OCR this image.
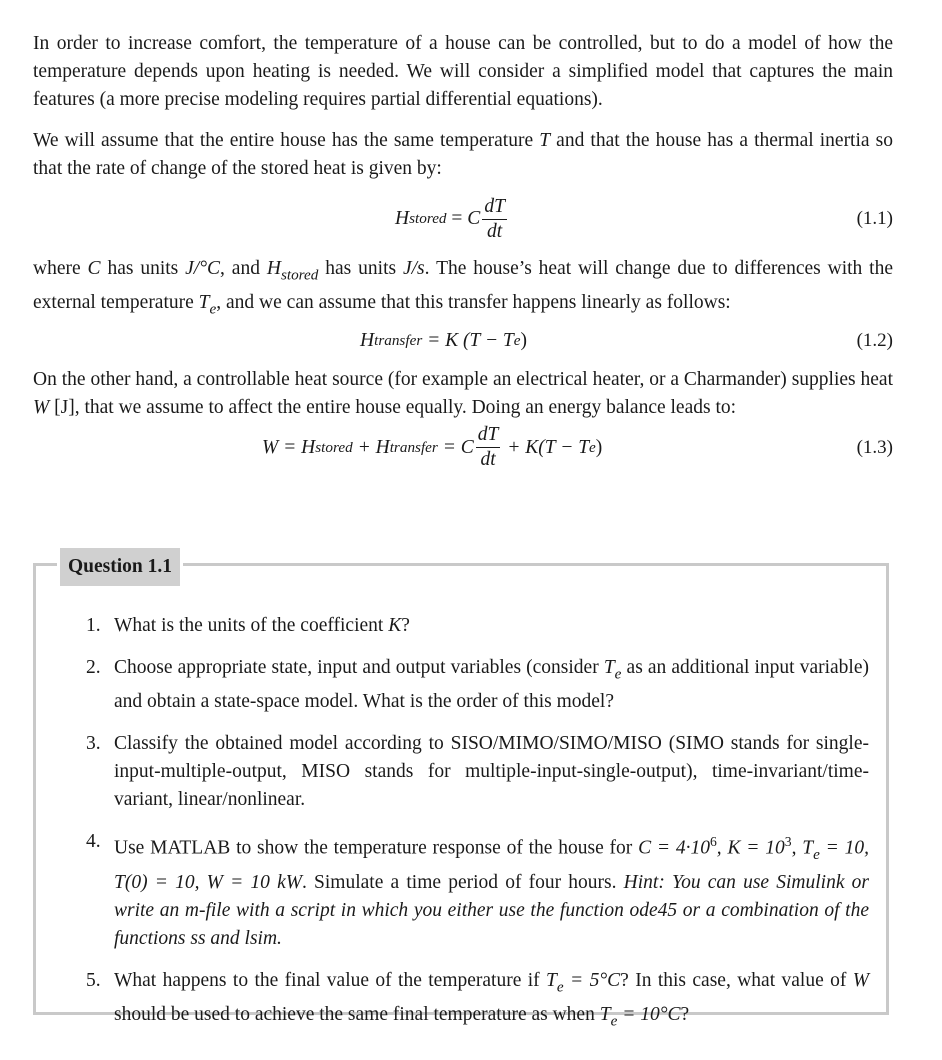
In order to increase comfort, the temperature of a house can be controlled, but to do a model of how the temperature depends upon heating is needed. We will consider a simplified model that captures the main features (a more precise modeling requires partial differential equations).

We will assume that the entire house has the same temperature T and that the house has a thermal inertia so that the rate of change of the stored heat is given by:

H stored = C $\frac{dT}{dt}$	(1.1)

where C has units J/°C, and $H_{stored}$ has units J/s. The house’s heat will change due to differences with the external temperature $T_e$, and we can assume that this transfer happens linearly as follows:

H transfer = K (T − T e )	(1.2)

On the other hand, a controllable heat source (for example an electrical heater, or a Charmander) supplies heat W [J], that we assume to affect the entire house equally. Doing an energy balance leads to:

W = H stored + H transfer = C $\frac{dT}{dt} + K(T - T$ e )	(1.3)
Question 1.1
1. What is the units of the coefficient K?
2. Choose appropriate state, input and output variables (consider $T_e$ as an additional input variable) and obtain a state-space model. What is the order of this model?
3. Classify the obtained model according to SISO/MIMO/SIMO/MISO (SIMO stands for single-input-multiple-output, MISO stands for multiple-input-single-output), time-invariant/time-variant, linear/nonlinear.
4. Use MATLAB to show the temperature response of the house for $C = 4\cdot 10^6$, $K = 10^3$, $T_e = 10$, T(0) = 10, W = 10 kW. Simulate a time period of four hours. Hint: You can use Simulink or write an m-file with a script in which you either use the function ode45 or a combination of the functions ss and lsim.
5. What happens to the final value of the temperature if $T_e = 5^\circ C$? In this case, what value of W should be used to achieve the same final temperature as when $T_e = 10^\circ C$?
